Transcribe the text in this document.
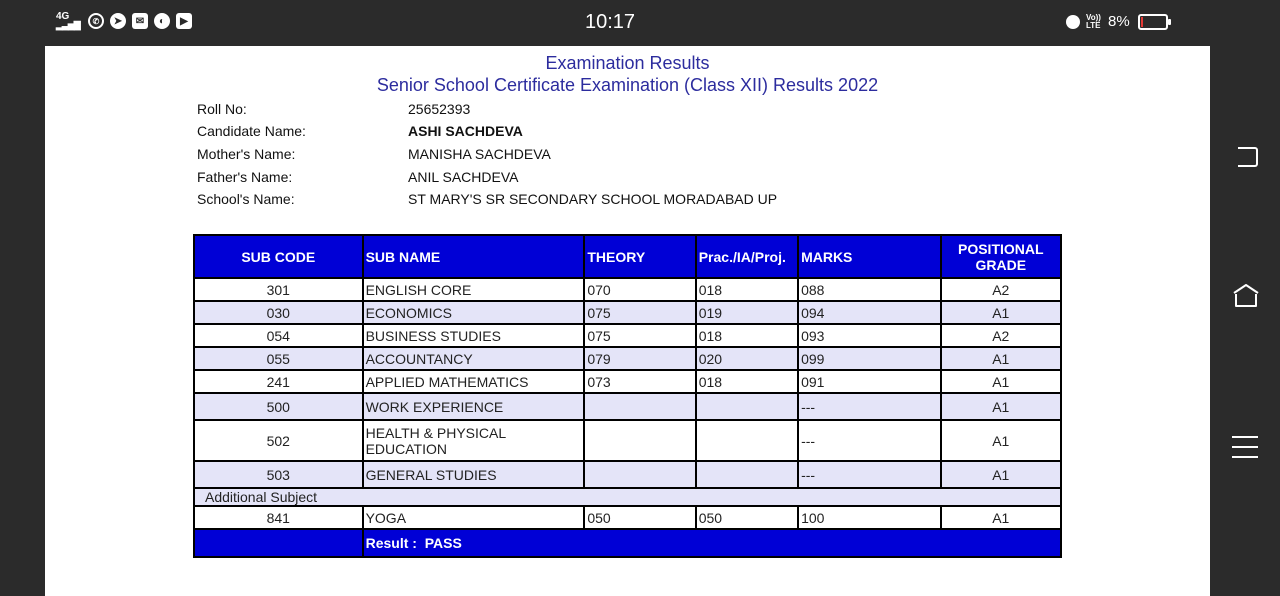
4G
▂▃▅▇	✆	➤	✉	◐	▶	10:17	Vo)) LTE 8%
Examination Results
Senior School Certificate Examination (Class XII) Results 2022
Roll No:	25652393
Candidate Name:	ASHI SACHDEVA
Mother's Name:	MANISHA SACHDEVA
Father's Name:	ANIL SACHDEVA
School's Name:	ST MARY'S SR SECONDARY SCHOOL MORADABAD UP
SUB CODE	SUB NAME	THEORY	Prac./IA/Proj.	MARKS	POSITIONAL GRADE
301	ENGLISH CORE	070	018	088	A2
030	ECONOMICS	075	019	094	A1
054	BUSINESS STUDIES	075	018	093	A2
055	ACCOUNTANCY	079	020	099	A1
241	APPLIED MATHEMATICS	073	018	091	A1
500	WORK EXPERIENCE			---	A1
502	HEALTH & PHYSICAL EDUCATION			---	A1
503	GENERAL STUDIES			---	A1
Additional Subject					
841	YOGA	050	050	100	A1
	Result : PASS				
